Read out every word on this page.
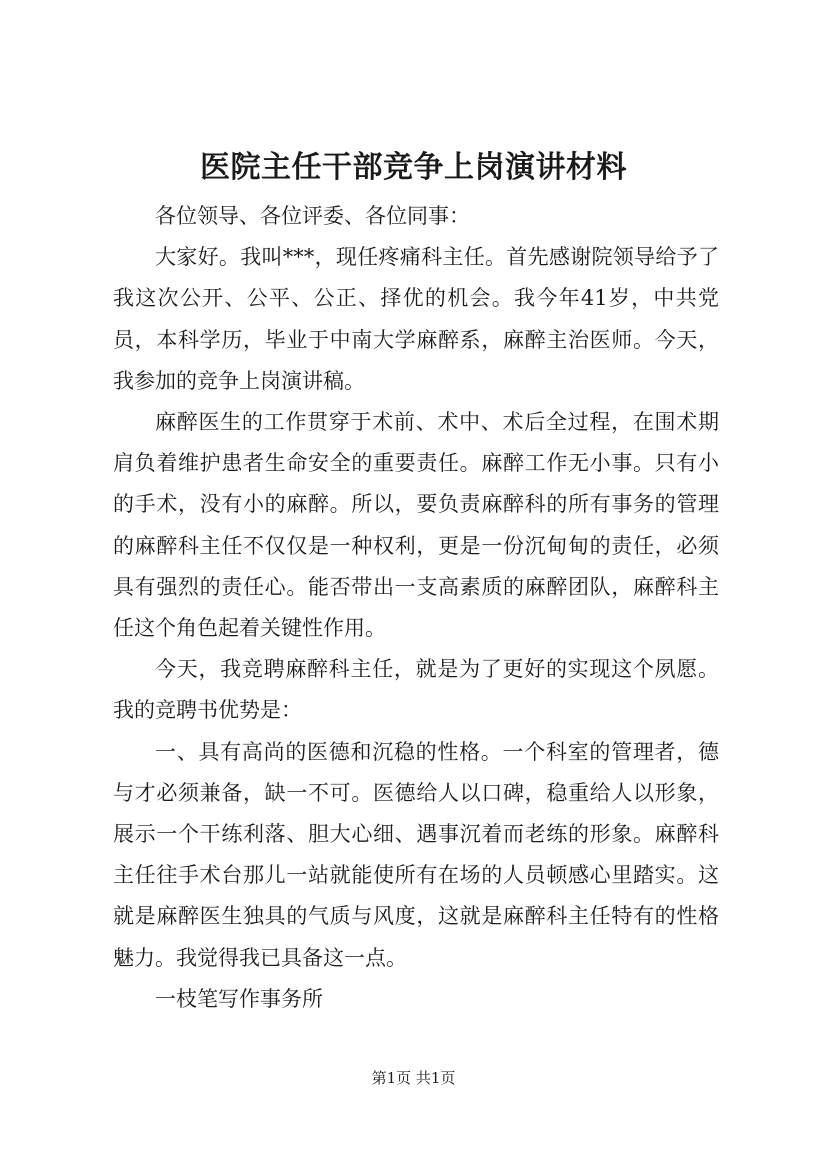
医院主任干部竞争上岗演讲材料

各位领导、各位评委、各位同事：

大家好。我叫***，现任疼痛科主任。首先感谢院领导给予了我这次公开、公平、公正、择优的机会。我今年41岁，中共党员，本科学历，毕业于中南大学麻醉系，麻醉主治医师。今天，我参加的竞争上岗演讲稿。

麻醉医生的工作贯穿于术前、术中、术后全过程，在围术期肩负着维护患者生命安全的重要责任。麻醉工作无小事。只有小的手术，没有小的麻醉。所以，要负责麻醉科的所有事务的管理的麻醉科主任不仅仅是一种权利，更是一份沉甸甸的责任，必须具有强烈的责任心。能否带出一支高素质的麻醉团队，麻醉科主任这个角色起着关键性作用。

今天，我竞聘麻醉科主任，就是为了更好的实现这个夙愿。我的竞聘书优势是：

一、具有高尚的医德和沉稳的性格。一个科室的管理者，德与才必须兼备，缺一不可。医德给人以口碑，稳重给人以形象，展示一个干练利落、胆大心细、遇事沉着而老练的形象。麻醉科主任往手术台那儿一站就能使所有在场的人员顿感心里踏实。这就是麻醉医生独具的气质与风度，这就是麻醉科主任特有的性格魅力。我觉得我已具备这一点。

一枝笔写作事务所

第1页 共1页
